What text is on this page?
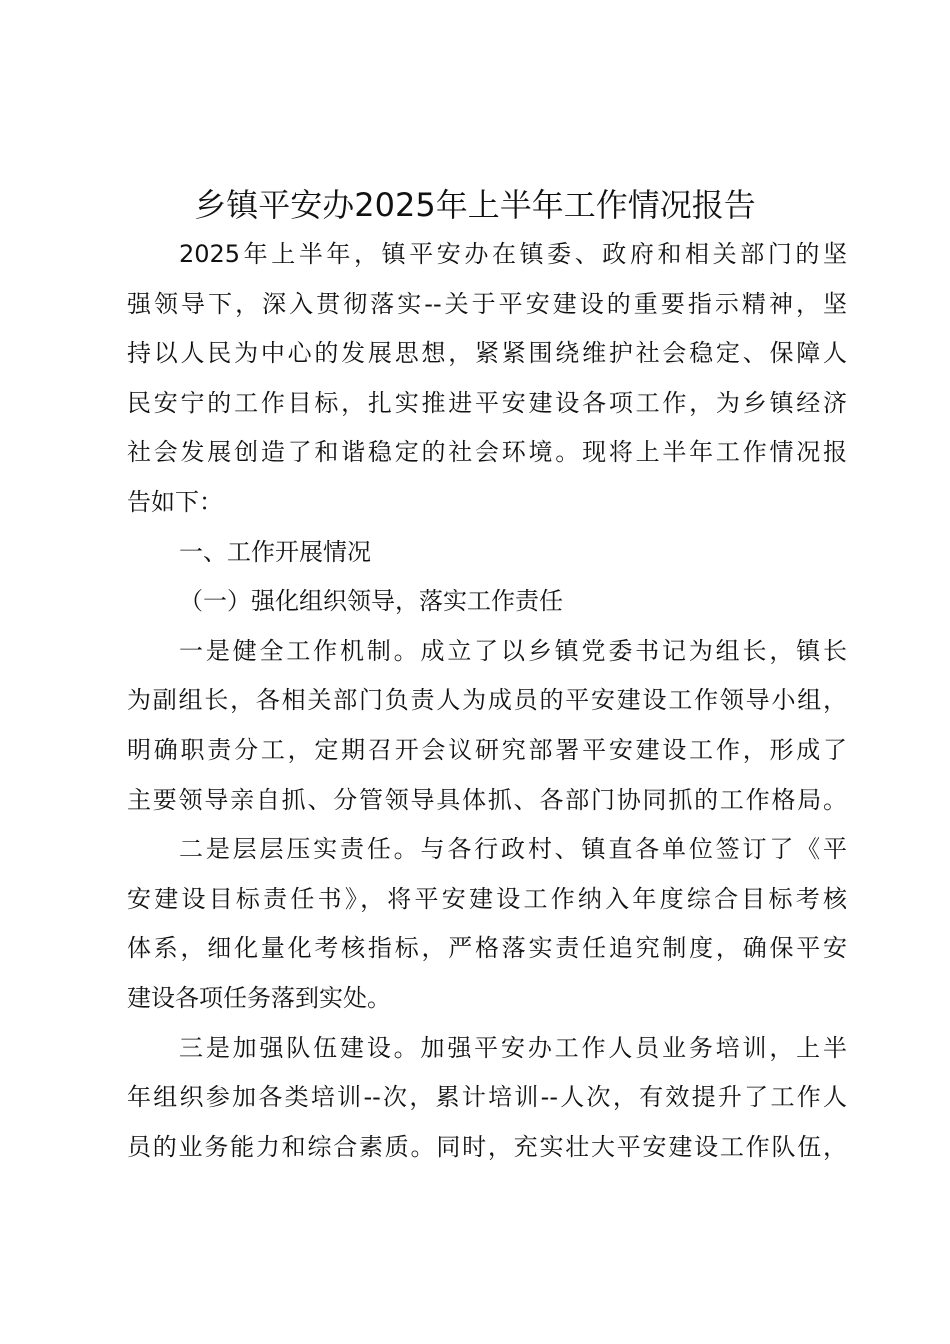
乡镇平安办2025年上半年工作情况报告
2025年上半年，镇平安办在镇委、政府和相关部门的坚
强领导下，深入贯彻落实--关于平安建设的重要指示精神，坚
持以人民为中心的发展思想，紧紧围绕维护社会稳定、保障人
民安宁的工作目标，扎实推进平安建设各项工作，为乡镇经济
社会发展创造了和谐稳定的社会环境。现将上半年工作情况报
告如下：
一、工作开展情况
（一）强化组织领导，落实工作责任
一是健全工作机制。成立了以乡镇党委书记为组长，镇长
为副组长，各相关部门负责人为成员的平安建设工作领导小组，
明确职责分工，定期召开会议研究部署平安建设工作，形成了
主要领导亲自抓、分管领导具体抓、各部门协同抓的工作格局。
二是层层压实责任。与各行政村、镇直各单位签订了《平
安建设目标责任书》，将平安建设工作纳入年度综合目标考核
体系，细化量化考核指标，严格落实责任追究制度，确保平安
建设各项任务落到实处。
三是加强队伍建设。加强平安办工作人员业务培训，上半
年组织参加各类培训--次，累计培训--人次，有效提升了工作人
员的业务能力和综合素质。同时，充实壮大平安建设工作队伍，
